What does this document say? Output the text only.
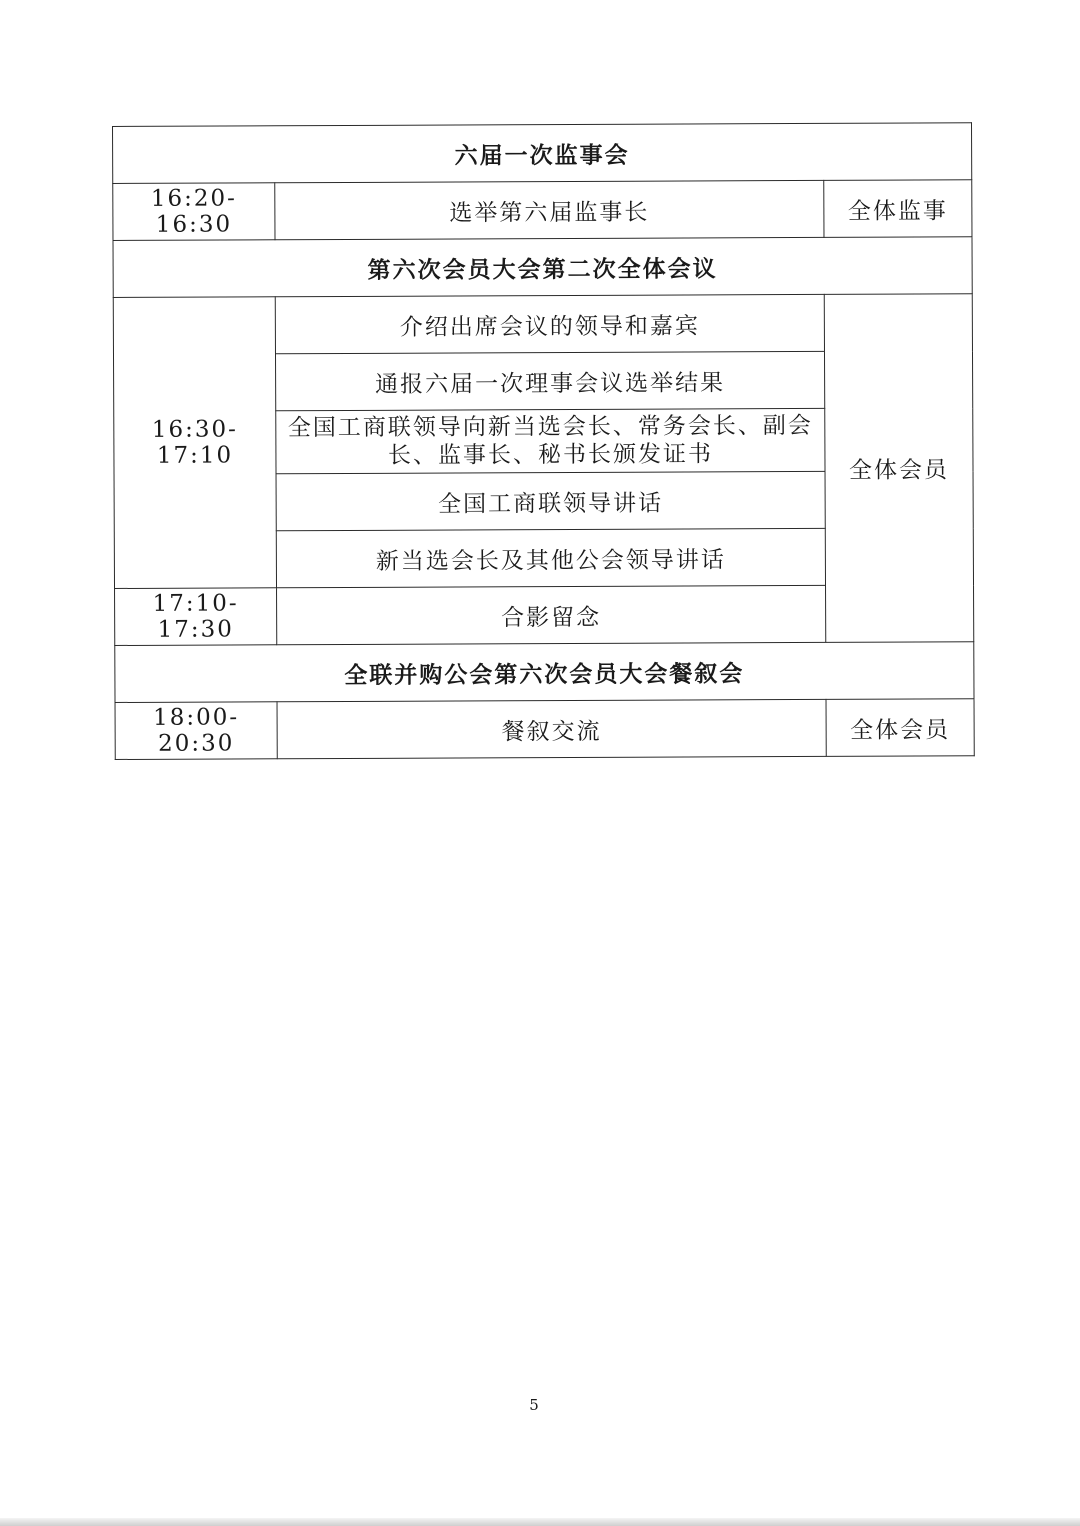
六届一次监事会		
16:20-16:30	选举第六届监事长	全体监事
第六次会员大会第二次全体会议		
16:30-17:10	介绍出席会议的领导和嘉宾	全体会员
	通报六届一次理事会议选举结果	
	全国工商联领导向新当选会长、常务会长、副会长、监事长、秘书长颁发证书	
	全国工商联领导讲话	
	新当选会长及其他公会领导讲话	
17:10-17:30	合影留念	
全联并购公会第六次会员大会餐叙会		
18:00-20:30	餐叙交流	全体会员
5
